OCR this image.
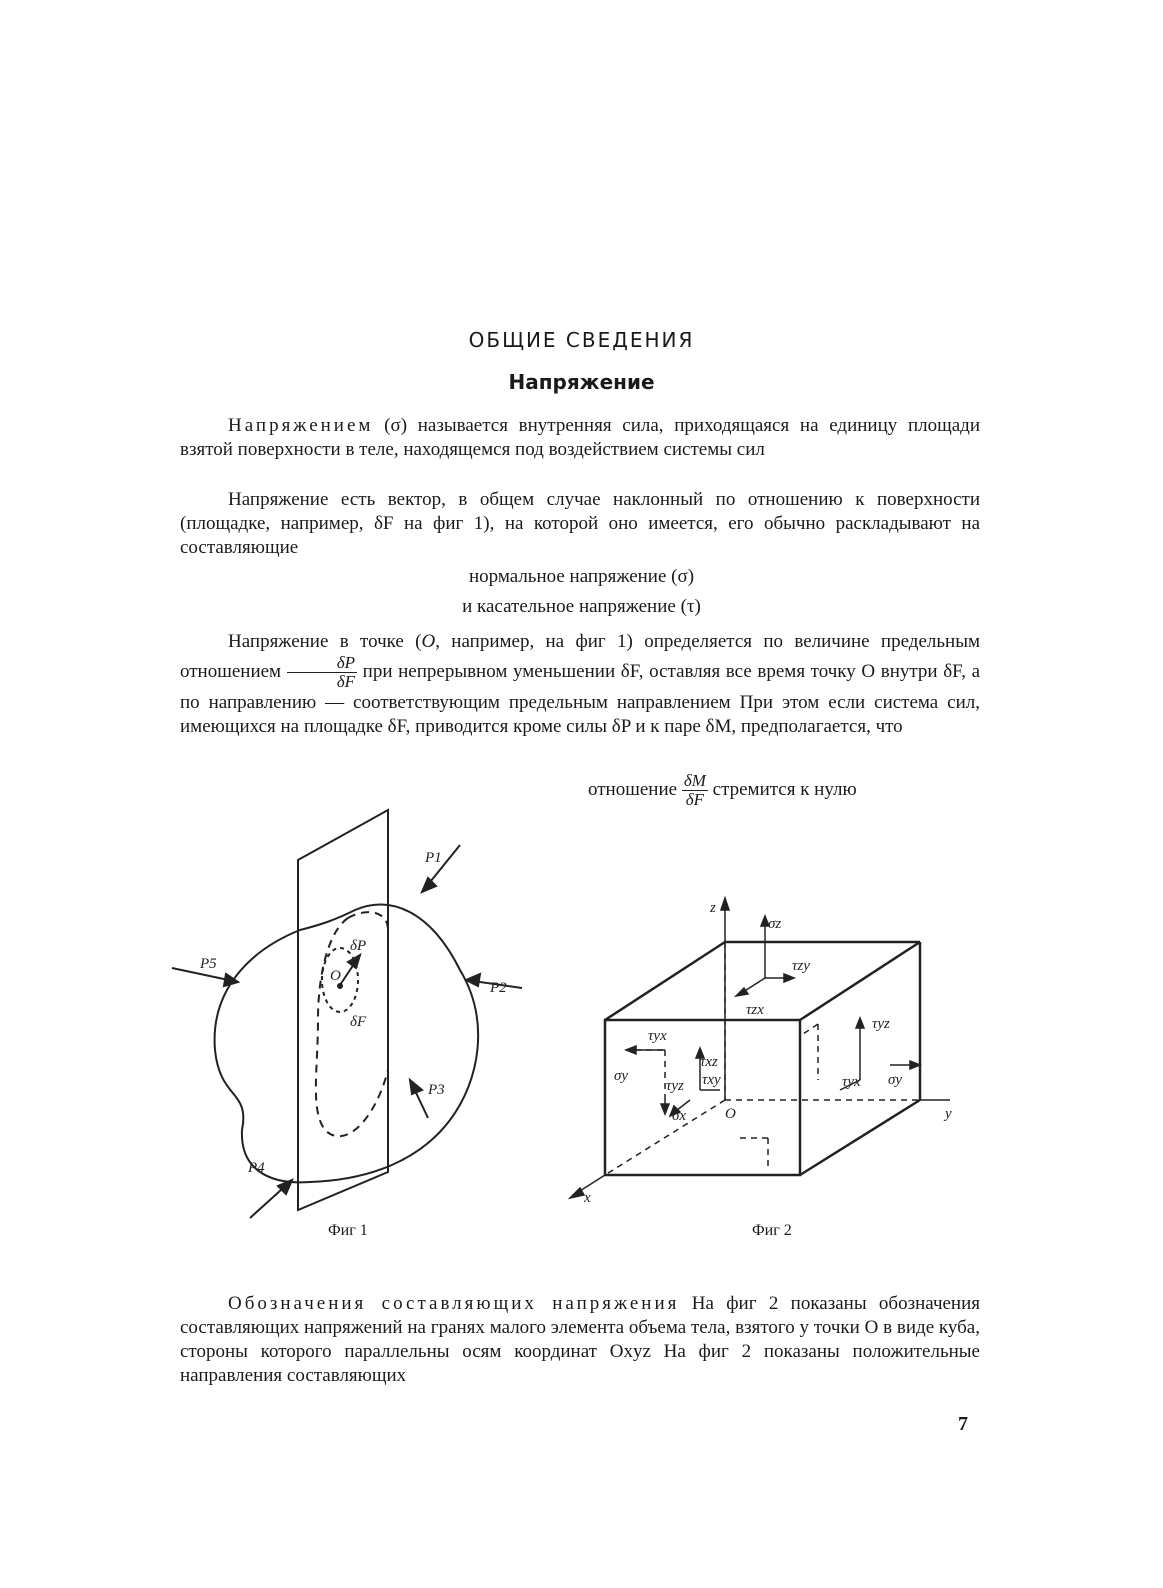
ОБЩИЕ СВЕДЕНИЯ
Напряжение
Напряжением (σ) называется внутренняя сила, приходящаяся на единицу площади взятой поверхности в теле, находящемся под воздействием системы сил
Напряжение есть вектор, в общем случае наклонный по отношению к поверхности (площадке, например, δF на фиг 1), на которой оно имеется, его обычно раскладывают на составляющие
нормальное напряжение (σ)
и касательное напряжение (τ)
Напряжение в точке (O, например, на фиг 1) определяется по величине предельным отношением $\frac{\delta P}{\delta F}$ при непрерывном уменьшении δF, оставляя все время точку O внутри δF, а по направлению — соответствующим предельным направлением При этом если система сил, имеющихся на площадке δF, приводится кроме силы δP и к паре δM, предполагается, что
отношение $\frac{\delta M}{\delta F}$ стремится к нулю
P1
P2
P3
P4
P5
δP
O
δF
Фиг 1
z
y
x
O
σz
τzy
τzx
τyz
τyx σy
τyx
τxz
τxy
σy
τyz
σx
Фиг 2
Обозначения составляющих напряжения На фиг 2 показаны обозначения составляющих напряжений на гранях малого элемента объема тела, взятого у точки O в виде куба, стороны которого параллельны осям координат Oxyz На фиг 2 показаны положительные направления составляющих
7
